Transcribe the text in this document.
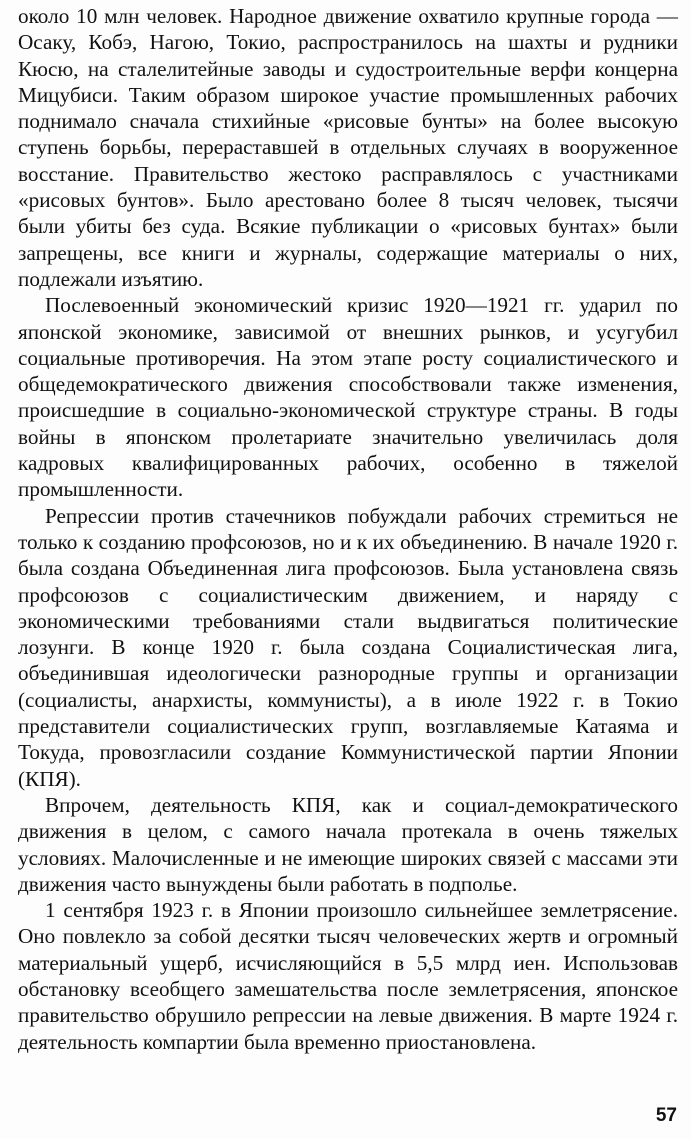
около 10 млн человек. Народное движение охватило крупные города — Осаку, Кобэ, Нагою, Токио, распространилось на шахты и рудники Кюсю, на сталелитейные заводы и судостроительные верфи концерна Мицубиси. Таким образом широкое участие промышленных рабочих поднимало сначала стихийные «рисовые бунты» на более высокую ступень борьбы, перераставшей в отдельных случаях в вооруженное восстание. Правительство жестоко расправлялось с участниками «рисовых бунтов». Было арестовано более 8 тысяч человек, тысячи были убиты без суда. Всякие публикации о «рисовых бунтах» были запрещены, все книги и журналы, содержащие материалы о них, подлежали изъятию.

Послевоенный экономический кризис 1920—1921 гг. ударил по японской экономике, зависимой от внешних рынков, и усугубил социальные противоречия. На этом этапе росту социалистического и общедемократического движения способствовали также изменения, происшедшие в социально-экономической структуре страны. В годы войны в японском пролетариате значительно увеличилась доля кадровых квалифицированных рабочих, особенно в тяжелой промышленности.

Репрессии против стачечников побуждали рабочих стремиться не только к созданию профсоюзов, но и к их объединению. В начале 1920 г. была создана Объединенная лига профсоюзов. Была установлена связь профсоюзов с социалистическим движением, и наряду с экономическими требованиями стали выдвигаться политические лозунги. В конце 1920 г. была создана Социалистическая лига, объединившая идеологически разнородные группы и организации (социалисты, анархисты, коммунисты), а в июле 1922 г. в Токио представители социалистических групп, возглавляемые Катаяма и Токуда, провозгласили создание Коммунистической партии Японии (КПЯ).

Впрочем, деятельность КПЯ, как и социал-демократического движения в целом, с самого начала протекала в очень тяжелых условиях. Малочисленные и не имеющие широких связей с массами эти движения часто вынуждены были работать в подполье.

1 сентября 1923 г. в Японии произошло сильнейшее землетрясение. Оно повлекло за собой десятки тысяч человеческих жертв и огромный материальный ущерб, исчисляющийся в 5,5 млрд иен. Использовав обстановку всеобщего замешательства после землетрясения, японское правительство обрушило репрессии на левые движения. В марте 1924 г. деятельность компартии была временно приостановлена.

57
